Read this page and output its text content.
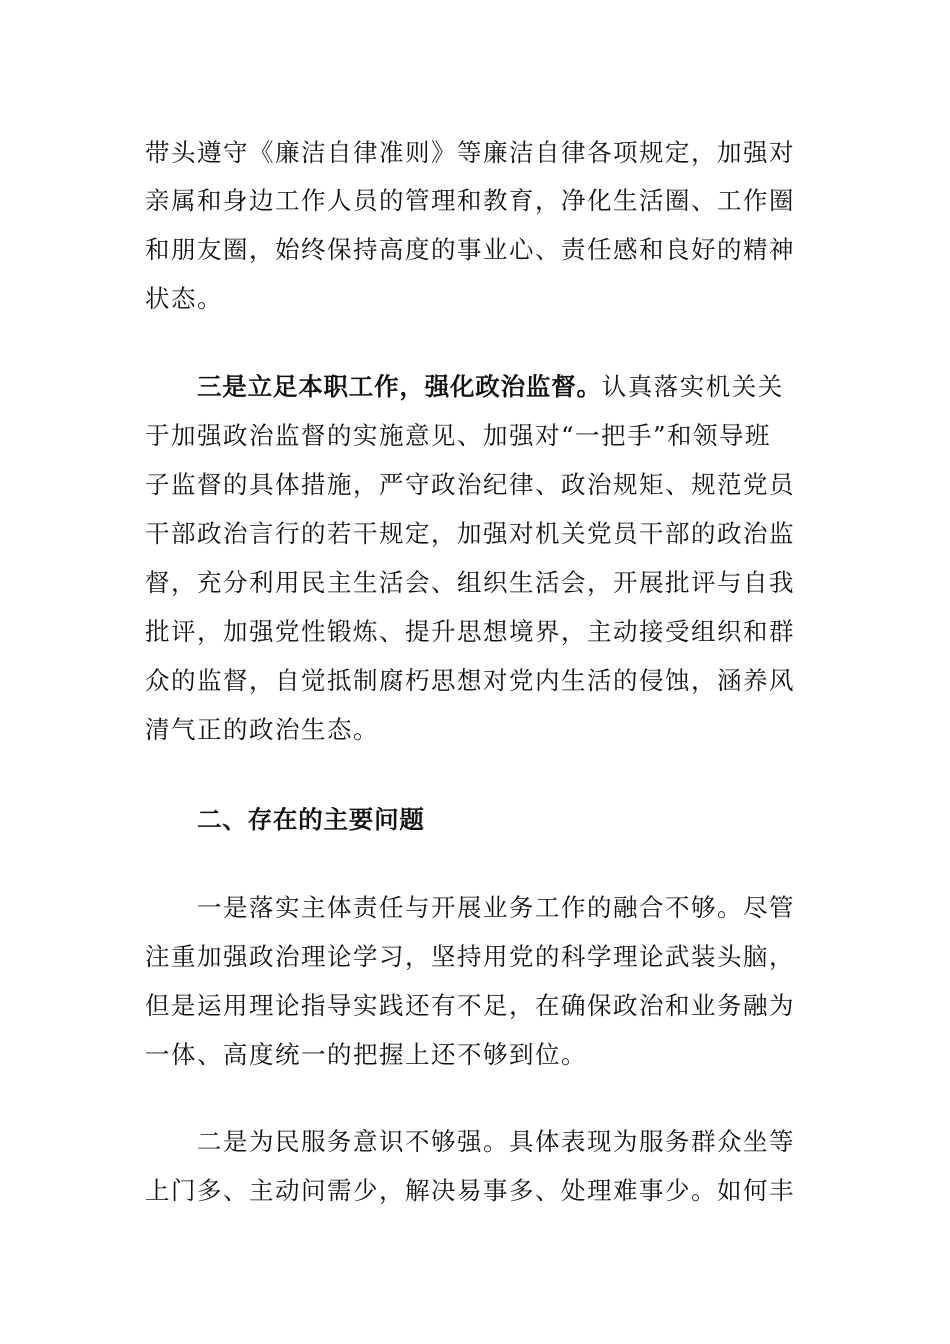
带头遵守《廉洁自律准则》等廉洁自律各项规定，加强对
亲属和身边工作人员的管理和教育，净化生活圈、工作圈
和朋友圈，始终保持高度的事业心、责任感和良好的精神
状态。
三是立足本职工作，强化政治监督。认真落实机关关
于加强政治监督的实施意见、加强对“一把手”和领导班
子监督的具体措施，严守政治纪律、政治规矩、规范党员
干部政治言行的若干规定，加强对机关党员干部的政治监
督，充分利用民主生活会、组织生活会，开展批评与自我
批评，加强党性锻炼、提升思想境界，主动接受组织和群
众的监督，自觉抵制腐朽思想对党内生活的侵蚀，涵养风
清气正的政治生态。
二、存在的主要问题
一是落实主体责任与开展业务工作的融合不够。尽管
注重加强政治理论学习，坚持用党的科学理论武装头脑，
但是运用理论指导实践还有不足，在确保政治和业务融为
一体、高度统一的把握上还不够到位。
二是为民服务意识不够强。具体表现为服务群众坐等
上门多、主动问需少，解决易事多、处理难事少。如何丰
